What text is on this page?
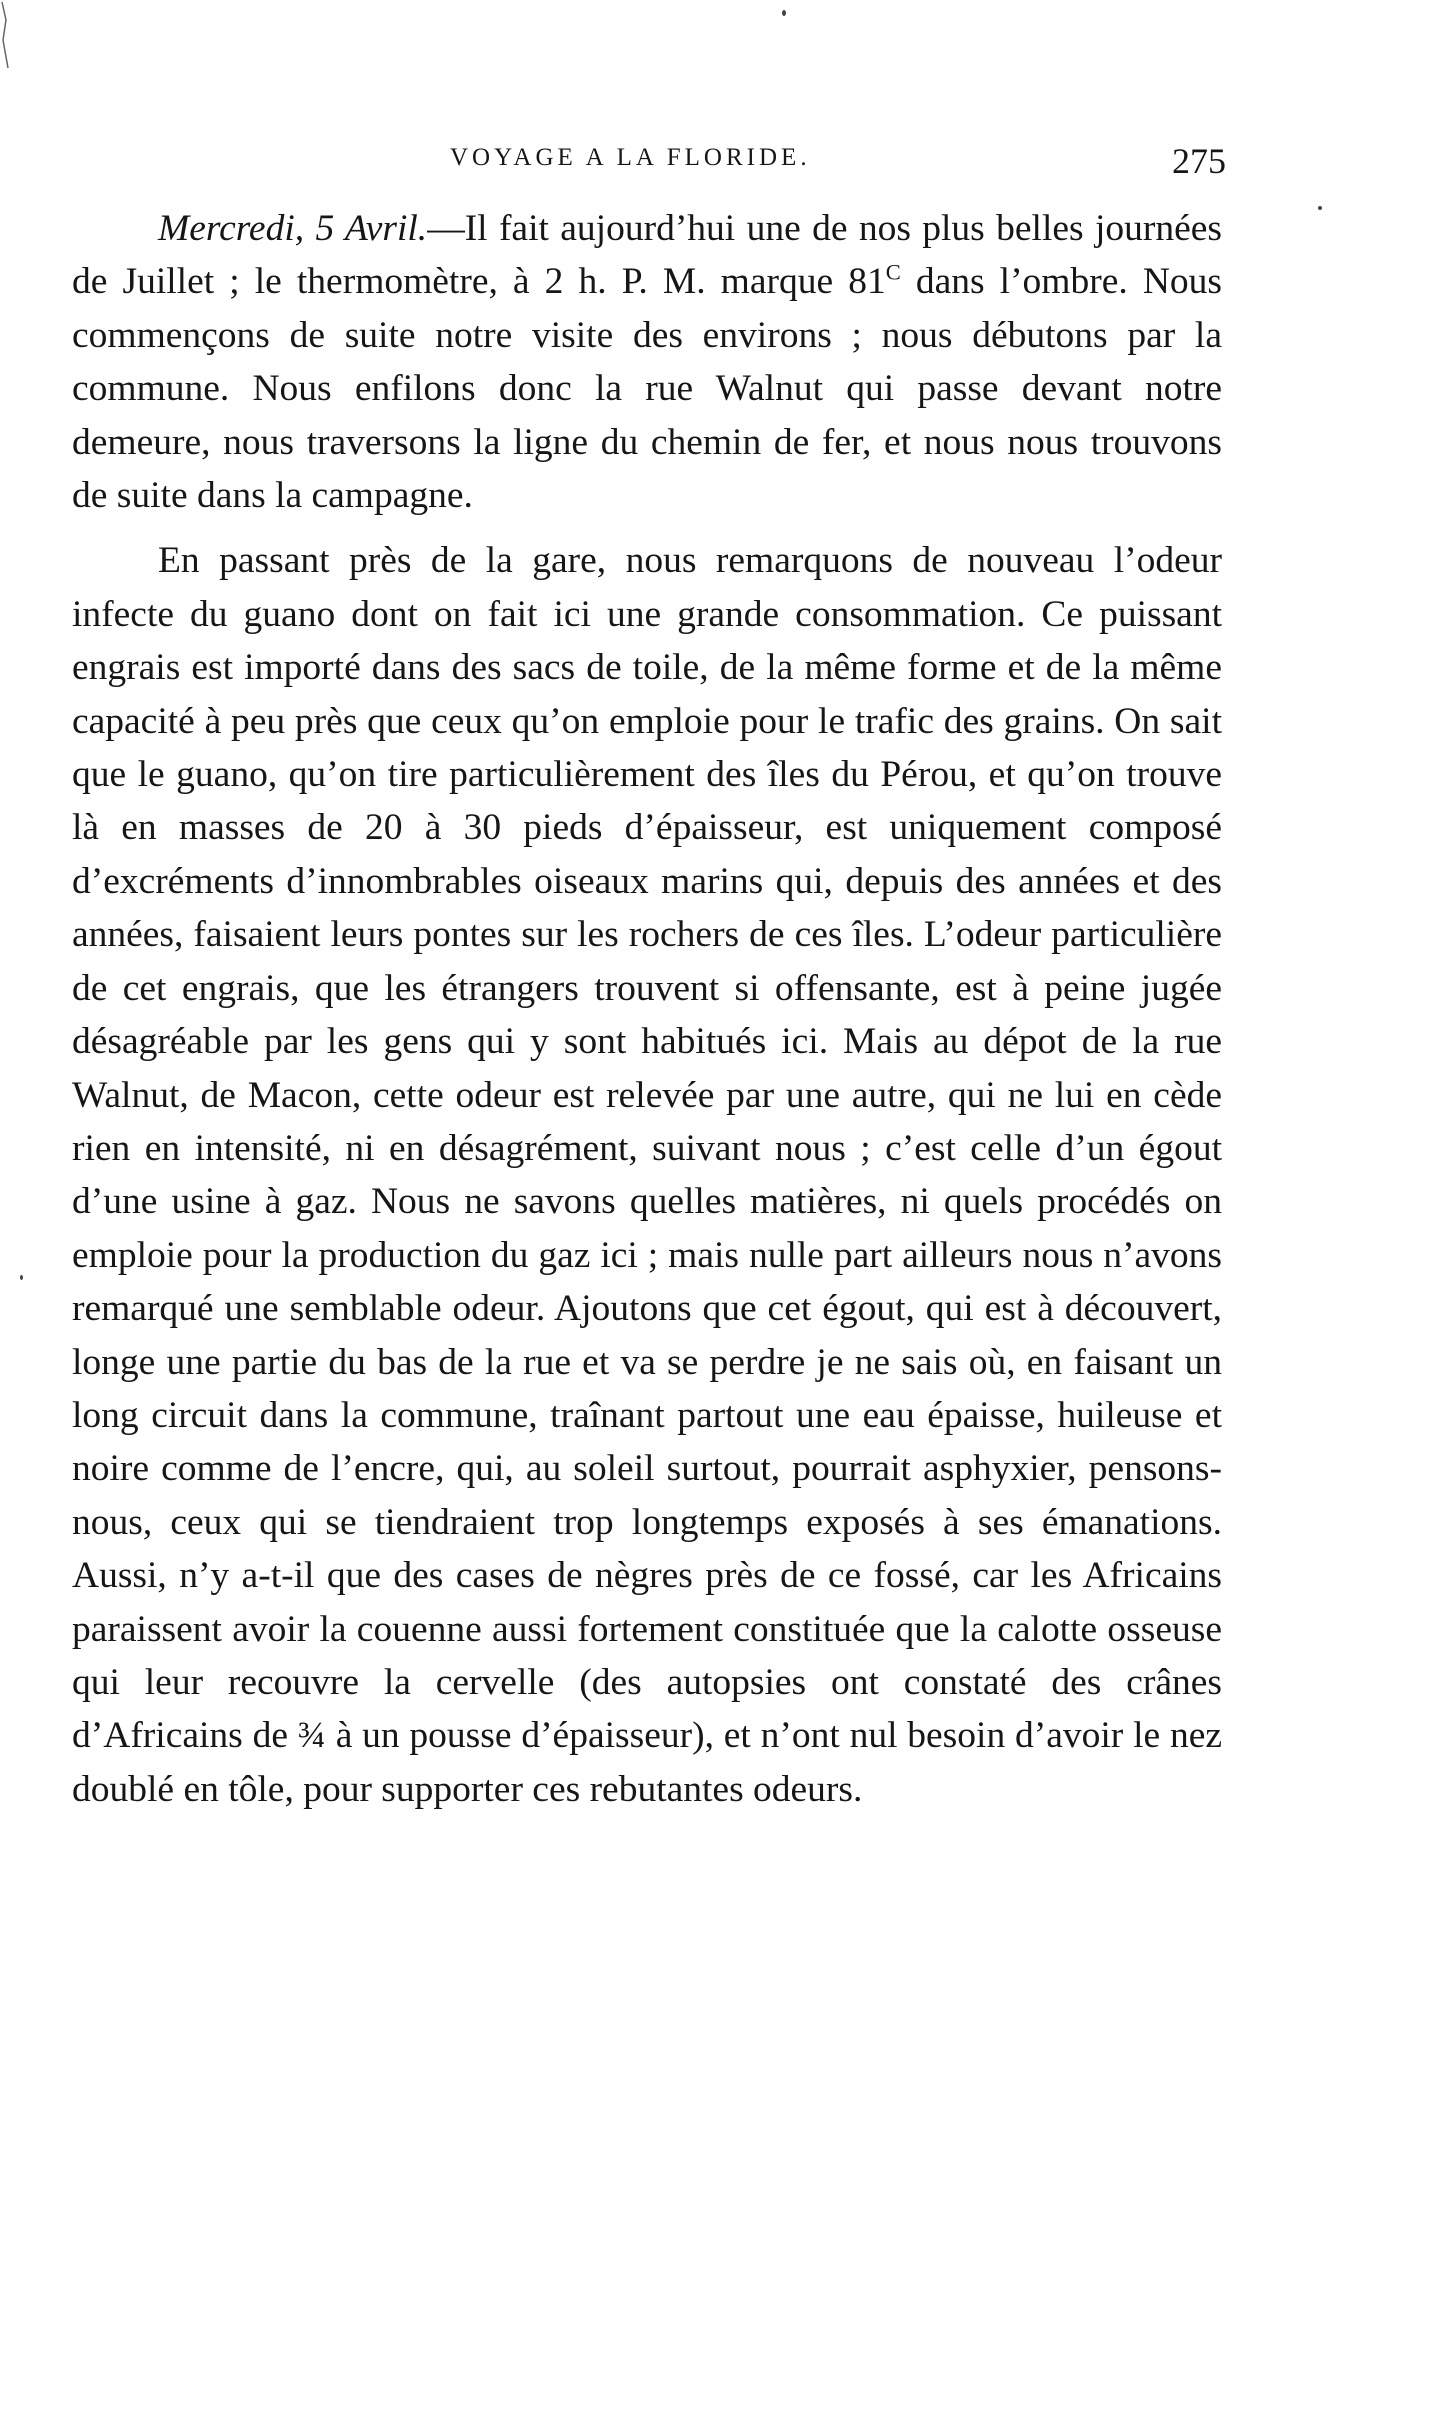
VOYAGE A LA FLORIDE.	275

Mercredi, 5 Avril.—Il fait aujourd’hui une de nos plus belles journées de Juillet ; le thermomètre, à 2 h. P. M. marque $81^C$ dans l’ombre. Nous commençons de suite notre visite des environs ; nous débutons par la commune. Nous enfilons donc la rue Walnut qui passe devant notre demeure, nous traversons la ligne du chemin de fer, et nous nous trouvons de suite dans la campagne.

En passant près de la gare, nous remarquons de nouveau l’odeur infecte du guano dont on fait ici une grande consommation. Ce puissant engrais est importé dans des sacs de toile, de la même forme et de la même capacité à peu près que ceux qu’on emploie pour le trafic des grains. On sait que le guano, qu’on tire particulièrement des îles du Pérou, et qu’on trouve là en masses de 20 à 30 pieds d’épaisseur, est uniquement composé d’excréments d’innombrables oiseaux marins qui, depuis des années et des années, faisaient leurs pontes sur les rochers de ces îles. L’odeur particulière de cet engrais, que les étrangers trouvent si offensante, est à peine jugée désagréable par les gens qui y sont habitués ici. Mais au dépot de la rue Walnut, de Macon, cette odeur est relevée par une autre, qui ne lui en cède rien en intensité, ni en désagrément, suivant nous ; c’est celle d’un égout d’une usine à gaz. Nous ne savons quelles matières, ni quels procédés on emploie pour la production du gaz ici ; mais nulle part ailleurs nous n’avons remarqué une semblable odeur. Ajoutons que cet égout, qui est à découvert, longe une partie du bas de la rue et va se perdre je ne sais où, en faisant un long circuit dans la commune, traînant partout une eau épaisse, huileuse et noire comme de l’encre, qui, au soleil surtout, pourrait asphyxier, pensons-nous, ceux qui se tiendraient trop longtemps exposés à ses émanations. Aussi, n’y a-t-il que des cases de nègres près de ce fossé, car les Africains paraissent avoir la couenne aussi fortement constituée que la calotte osseuse qui leur recouvre la cervelle (des autopsies ont constaté des crânes d’Africains de ¾ à un pousse d’épaisseur), et n’ont nul besoin d’avoir le nez doublé en tôle, pour supporter ces rebutantes odeurs.
